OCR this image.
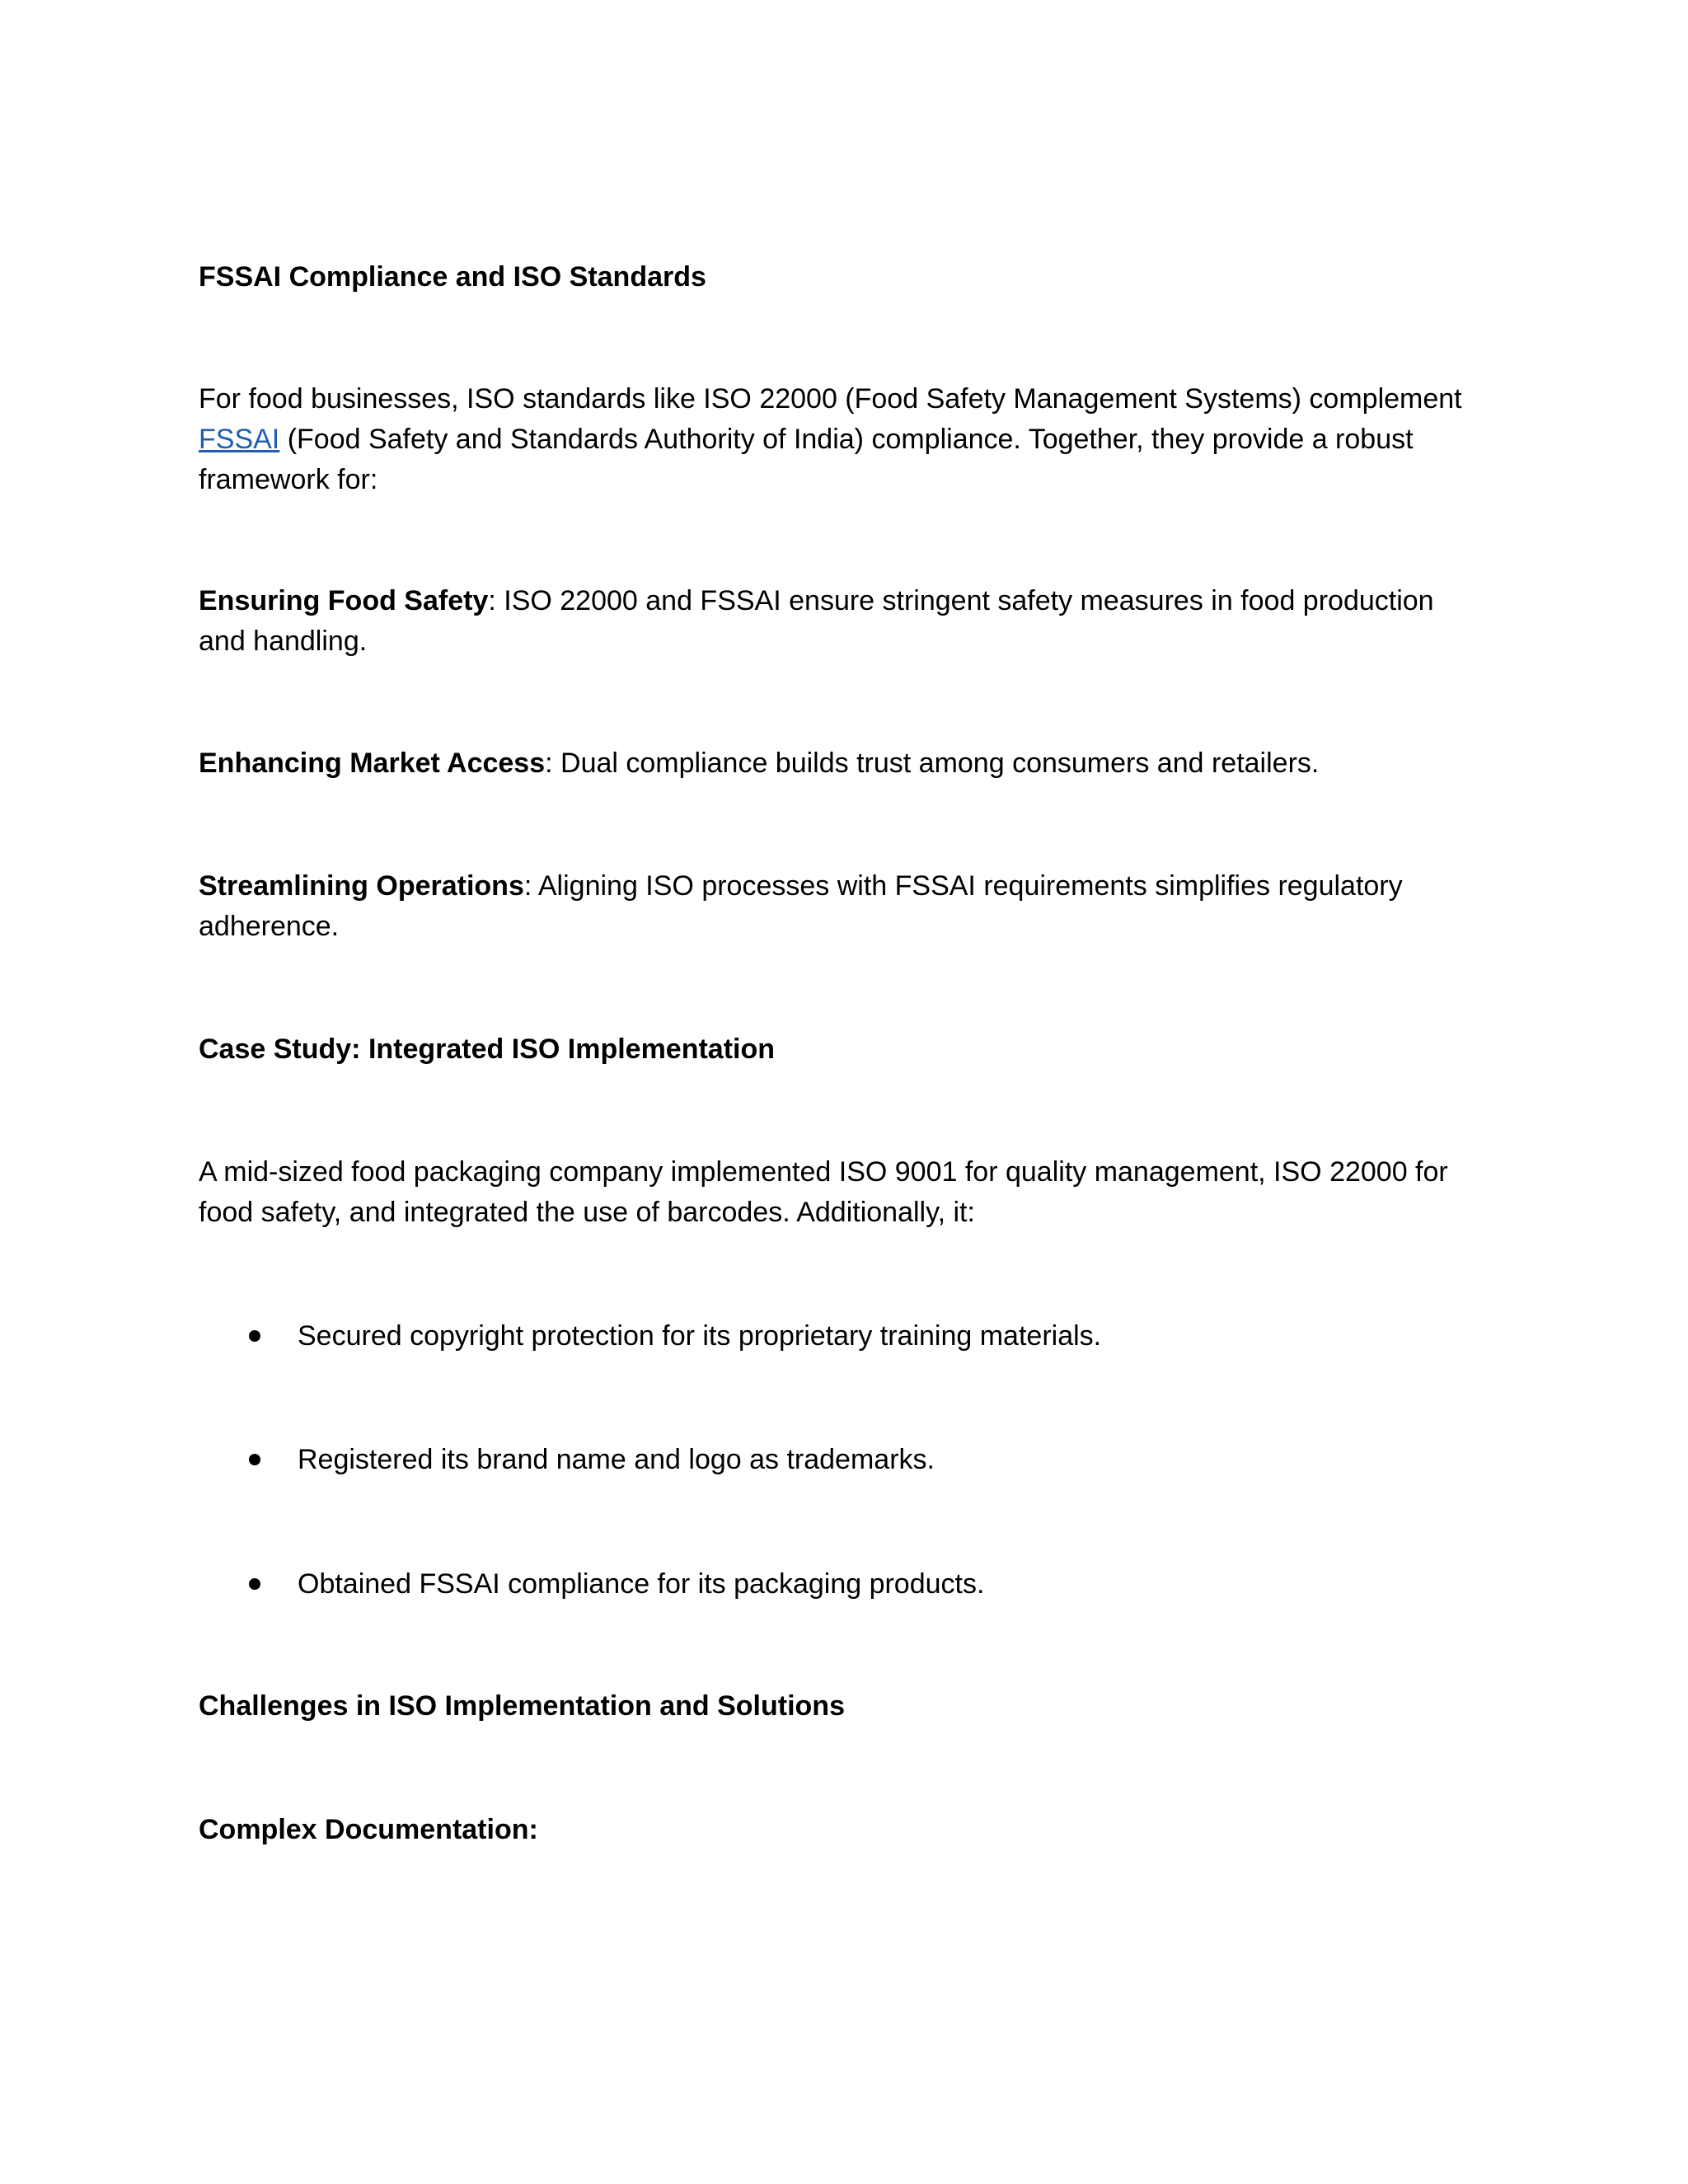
FSSAI Compliance and ISO Standards

For food businesses, ISO standards like ISO 22000 (Food Safety Management Systems) complement
FSSAI (Food Safety and Standards Authority of India) compliance. Together, they provide a robust
framework for:

Ensuring Food Safety: ISO 22000 and FSSAI ensure stringent safety measures in food production and handling.

Enhancing Market Access: Dual compliance builds trust among consumers and retailers.

Streamlining Operations: Aligning ISO processes with FSSAI requirements simplifies regulatory adherence.

Case Study: Integrated ISO Implementation

A mid-sized food packaging company implemented ISO 9001 for quality management, ISO 22000 for food safety, and integrated the use of barcodes. Additionally, it:

Secured copyright protection for its proprietary training materials.
Registered its brand name and logo as trademarks.
Obtained FSSAI compliance for its packaging products.

Challenges in ISO Implementation and Solutions

Complex Documentation:
